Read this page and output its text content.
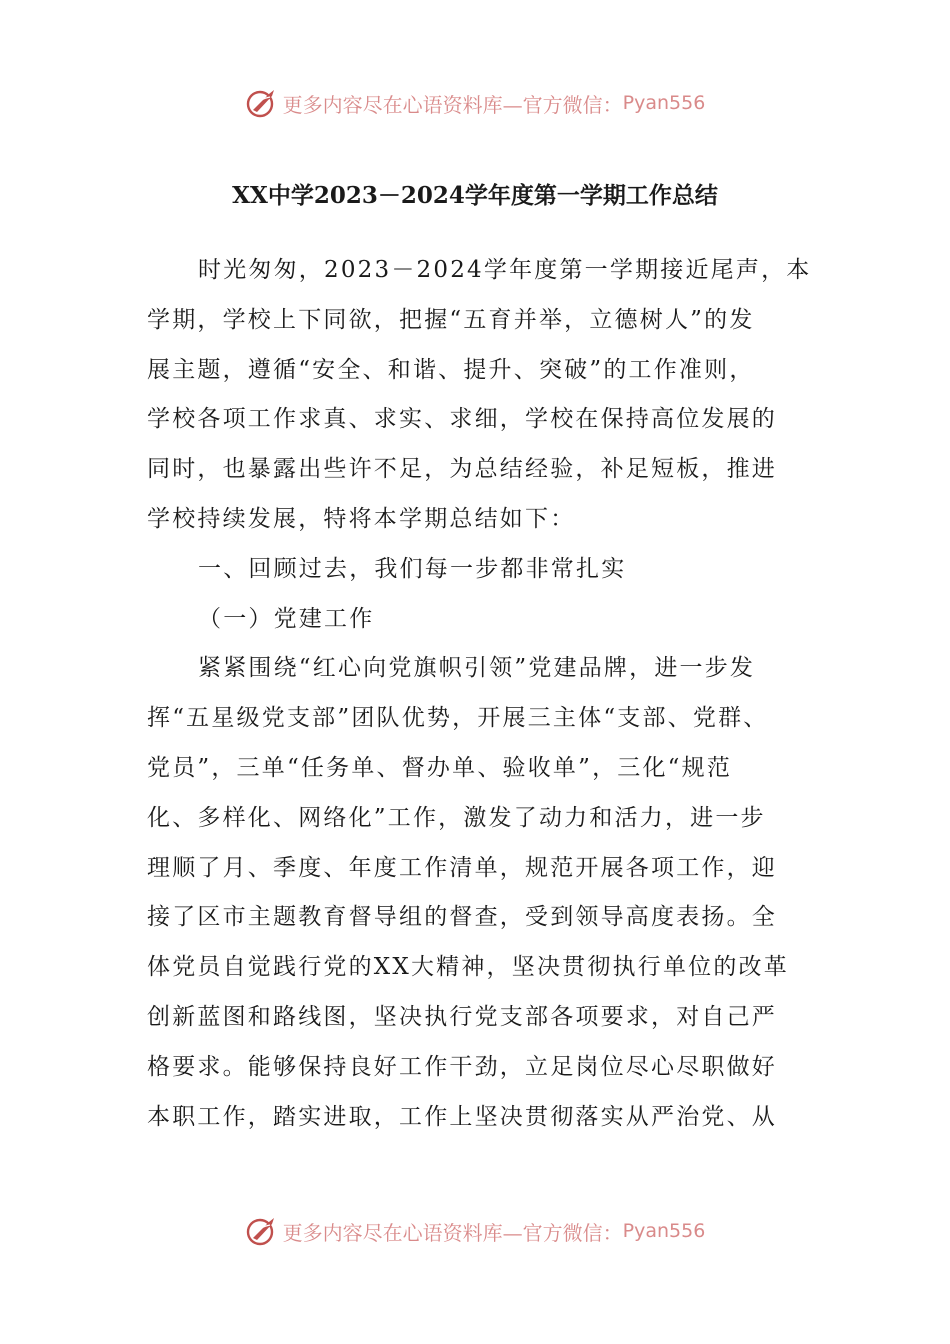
更多内容尽在心语资料库—官方微信： Pyan556
XX中学2023－2024学年度第一学期工作总结
时光匆匆，2023－2024学年度第一学期接近尾声，本
学期，学校上下同欲，把握“五育并举，立德树人”的发
展主题，遵循“安全、和谐、提升、突破”的工作准则，
学校各项工作求真、求实、求细，学校在保持高位发展的
同时，也暴露出些许不足，为总结经验，补足短板，推进
学校持续发展，特将本学期总结如下：
一、回顾过去，我们每一步都非常扎实
（一）党建工作
紧紧围绕“红心向党旗帜引领”党建品牌，进一步发
挥“五星级党支部”团队优势，开展三主体“支部、党群、
党员”，三单“任务单、督办单、验收单”，三化“规范
化、多样化、网络化”工作，激发了动力和活力，进一步
理顺了月、季度、年度工作清单，规范开展各项工作，迎
接了区市主题教育督导组的督查，受到领导高度表扬。全
体党员自觉践行党的XX大精神，坚决贯彻执行单位的改革
创新蓝图和路线图，坚决执行党支部各项要求，对自己严
格要求。能够保持良好工作干劲，立足岗位尽心尽职做好
本职工作，踏实进取，工作上坚决贯彻落实从严治党、从
更多内容尽在心语资料库—官方微信： Pyan556
